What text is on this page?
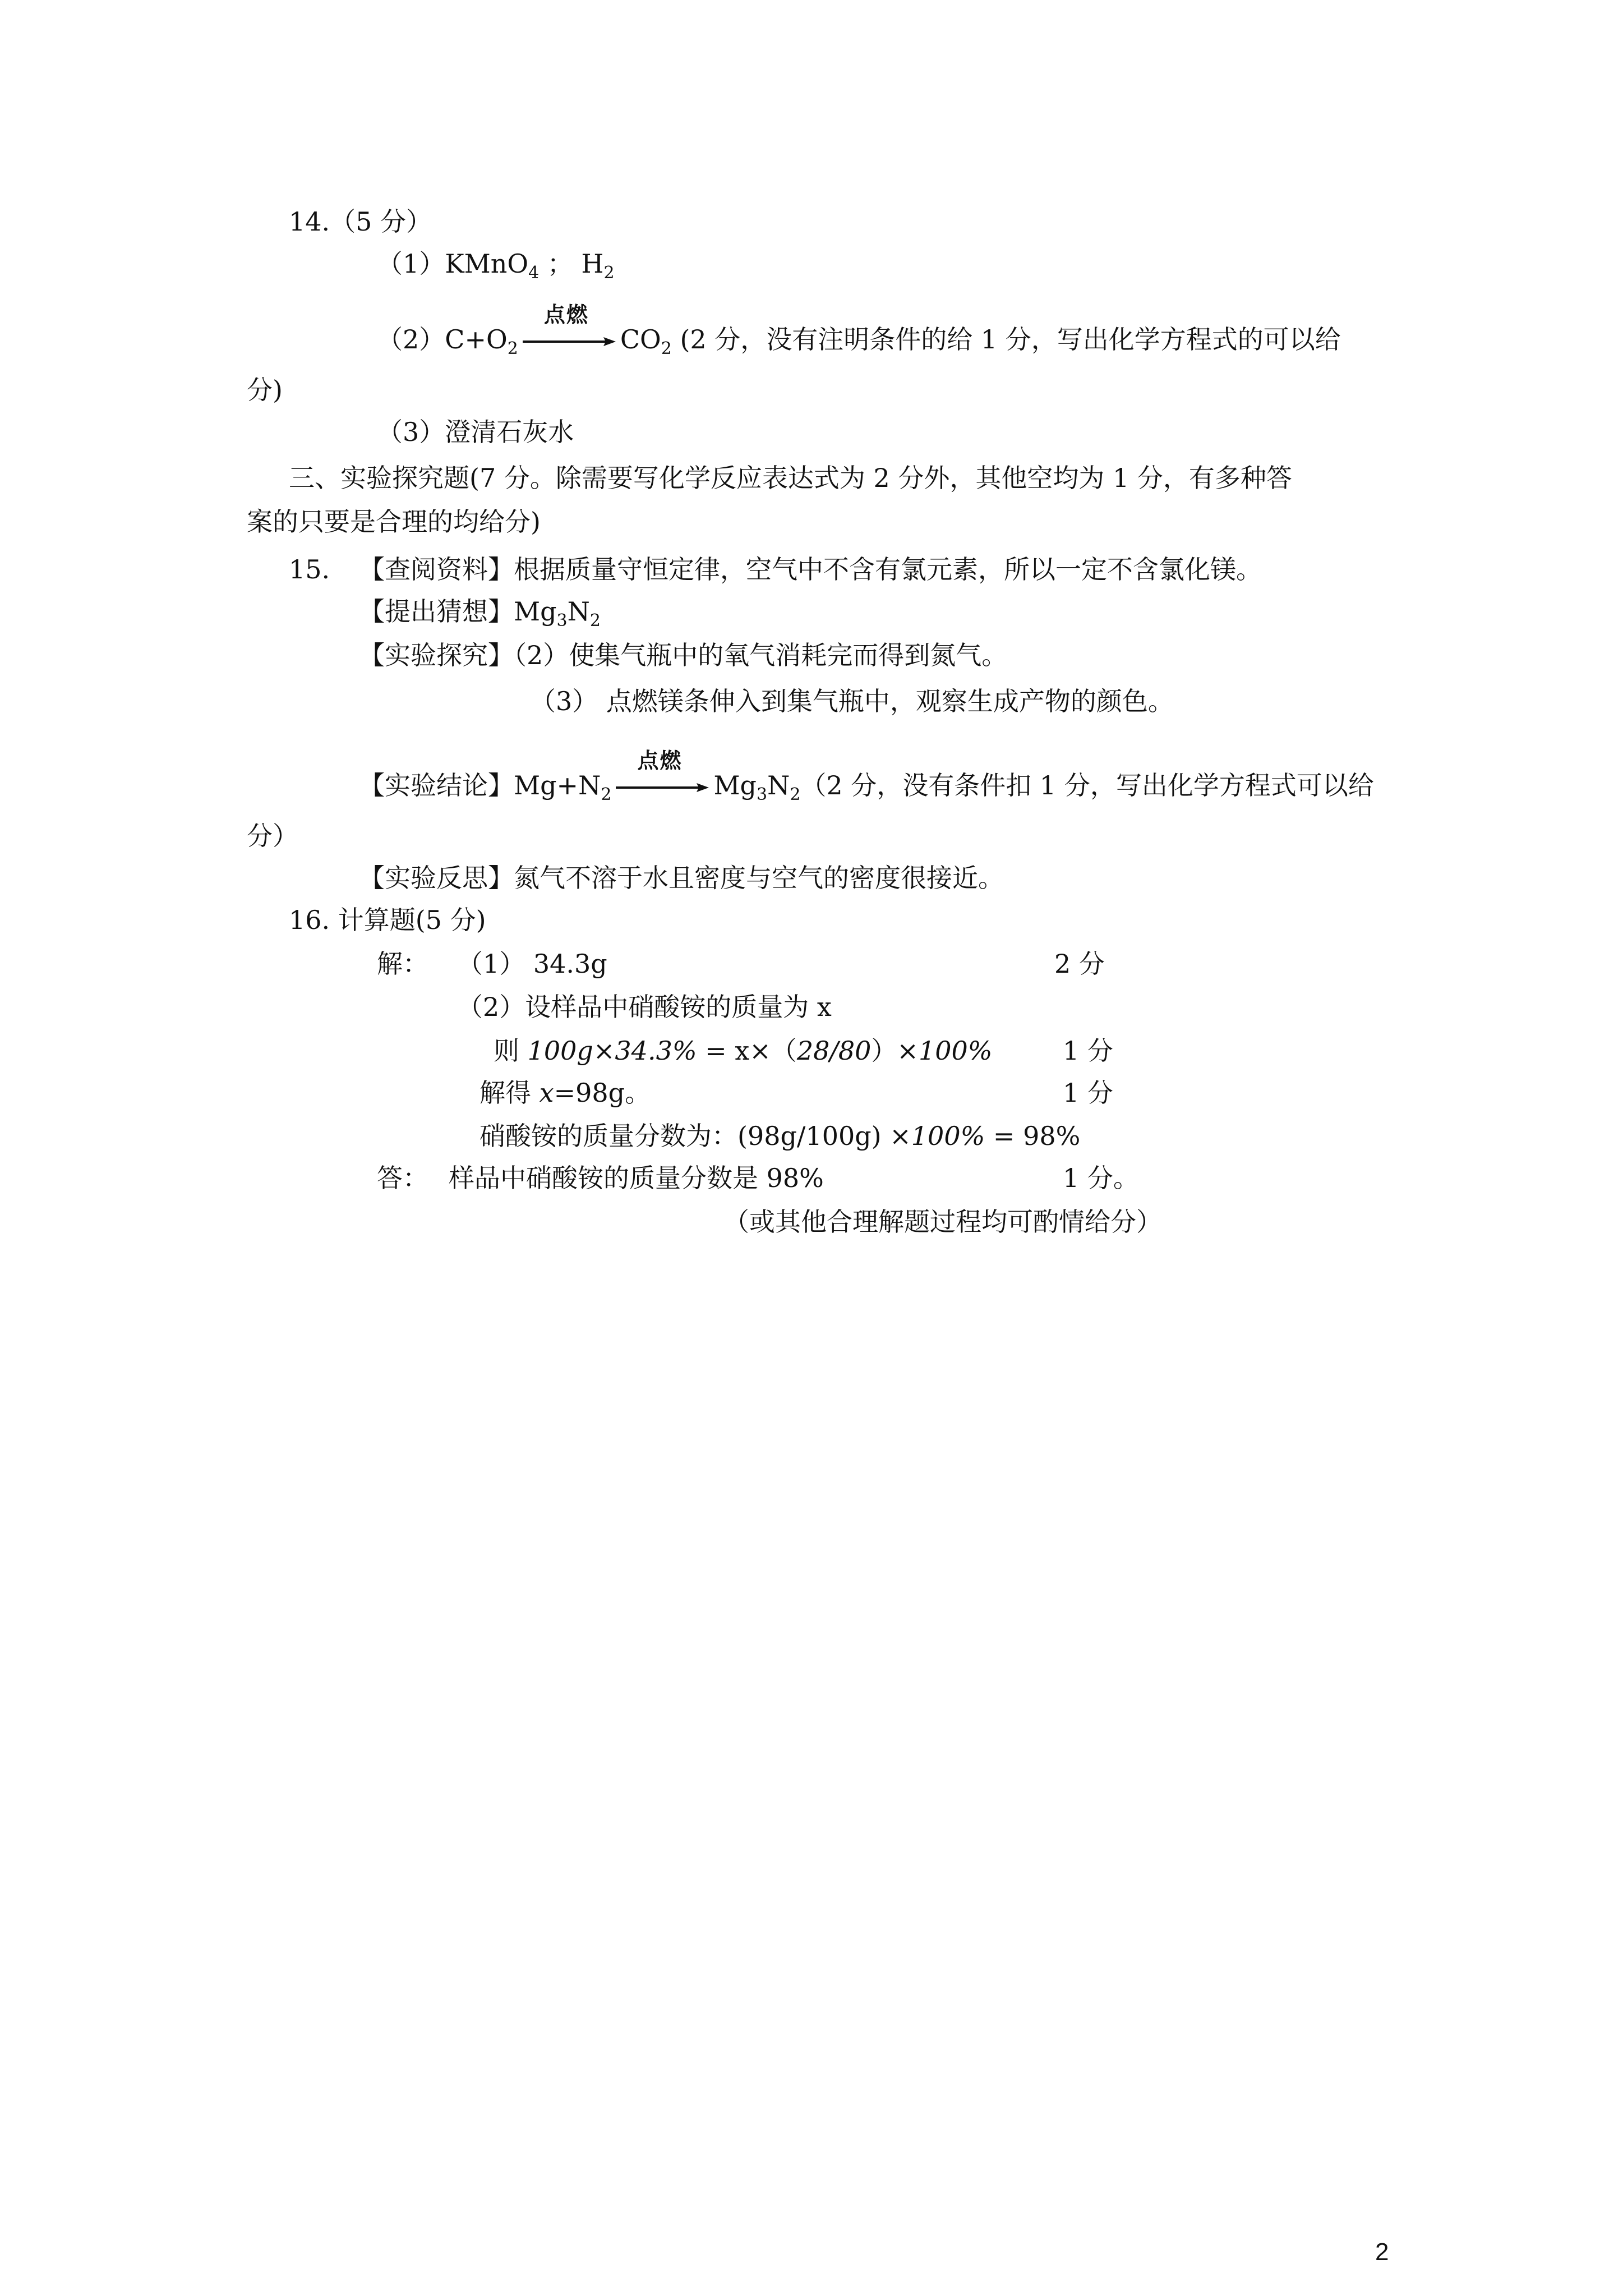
14.（5 分）
（1）KMnO$_4$ ； $H_2$
$(2)C+O_2$
点燃
$CO_2$ (2 分，没有注明条件的给 1 分，写出化学方程式的可以给
分)
（3）澄清石灰水
三、实验探究题(7 分。除需要写化学反应表达式为 2 分外，其他空均为 1 分，有多种答
案的只要是合理的均给分)
15. 【查阅资料】根据质量守恒定律，空气中不含有氯元素，所以一定不含氯化镁。
【提出猜想】$Mg_3N_2$
【实验探究】（2）使集气瓶中的氧气消耗完而得到氮气。
（3） 点燃镁条伸入到集气瓶中，观察生成产物的颜色。
【实验结论】$Mg+N_2$
点燃
$Mg_3N_2(2$ 分，没有条件扣 1 分，写出化学方程式可以给
分）
【实验反思】氮气不溶于水且密度与空气的密度很接近。
16. 计算题(5 分)
解： （1） 34.3g	2 分
（2）设样品中硝酸铵的质量为 x
则 100g×34.3% = x×（28/80）×100%	1 分
解得 x=98g。	1 分
硝酸铵的质量分数为：(98g/100g) ×100% = 98%
答： 样品中硝酸铵的质量分数是 98%	1 分。
（或其他合理解题过程均可酌情给分）
2
